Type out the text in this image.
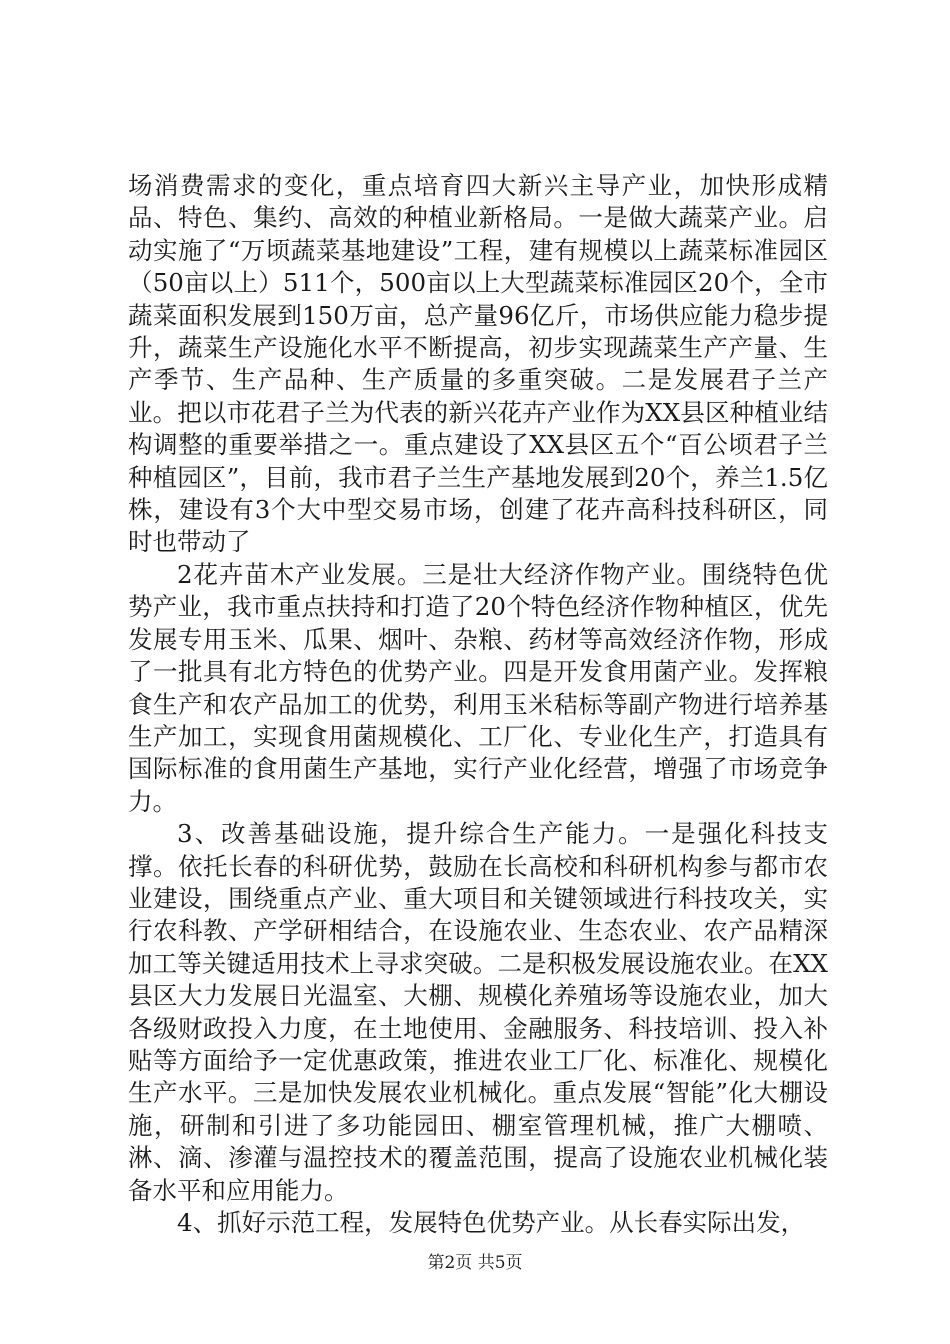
场消费需求的变化，重点培育四大新兴主导产业，加快形成精品、特色、集约、高效的种植业新格局。一是做大蔬菜产业。启动实施了“万顷蔬菜基地建设”工程，建有规模以上蔬菜标准园区（50亩以上）511个，500亩以上大型蔬菜标准园区20个，全市蔬菜面积发展到150万亩，总产量96亿斤，市场供应能力稳步提升，蔬菜生产设施化水平不断提高，初步实现蔬菜生产产量、生产季节、生产品种、生产质量的多重突破。二是发展君子兰产业。把以市花君子兰为代表的新兴花卉产业作为XX县区种植业结构调整的重要举措之一。重点建设了XX县区五个“百公顷君子兰种植园区”，目前，我市君子兰生产基地发展到20个，养兰1.5亿株，建设有3个大中型交易市场，创建了花卉高科技科研区，同时也带动了

2花卉苗木产业发展。三是壮大经济作物产业。围绕特色优势产业，我市重点扶持和打造了20个特色经济作物种植区，优先发展专用玉米、瓜果、烟叶、杂粮、药材等高效经济作物，形成了一批具有北方特色的优势产业。四是开发食用菌产业。发挥粮食生产和农产品加工的优势，利用玉米秸标等副产物进行培养基生产加工，实现食用菌规模化、工厂化、专业化生产，打造具有国际标准的食用菌生产基地，实行产业化经营，增强了市场竞争力。

3、改善基础设施，提升综合生产能力。一是强化科技支撑。依托长春的科研优势，鼓励在长高校和科研机构参与都市农业建设，围绕重点产业、重大项目和关键领域进行科技攻关，实行农科教、产学研相结合，在设施农业、生态农业、农产品精深加工等关键适用技术上寻求突破。二是积极发展设施农业。在XX县区大力发展日光温室、大棚、规模化养殖场等设施农业，加大各级财政投入力度，在土地使用、金融服务、科技培训、投入补贴等方面给予一定优惠政策，推进农业工厂化、标准化、规模化生产水平。三是加快发展农业机械化。重点发展“智能”化大棚设施，研制和引进了多功能园田、棚室管理机械，推广大棚喷、淋、滴、渗灌与温控技术的覆盖范围，提高了设施农业机械化装备水平和应用能力。

4、抓好示范工程，发展特色优势产业。从长春实际出发，

第2页 共5页
